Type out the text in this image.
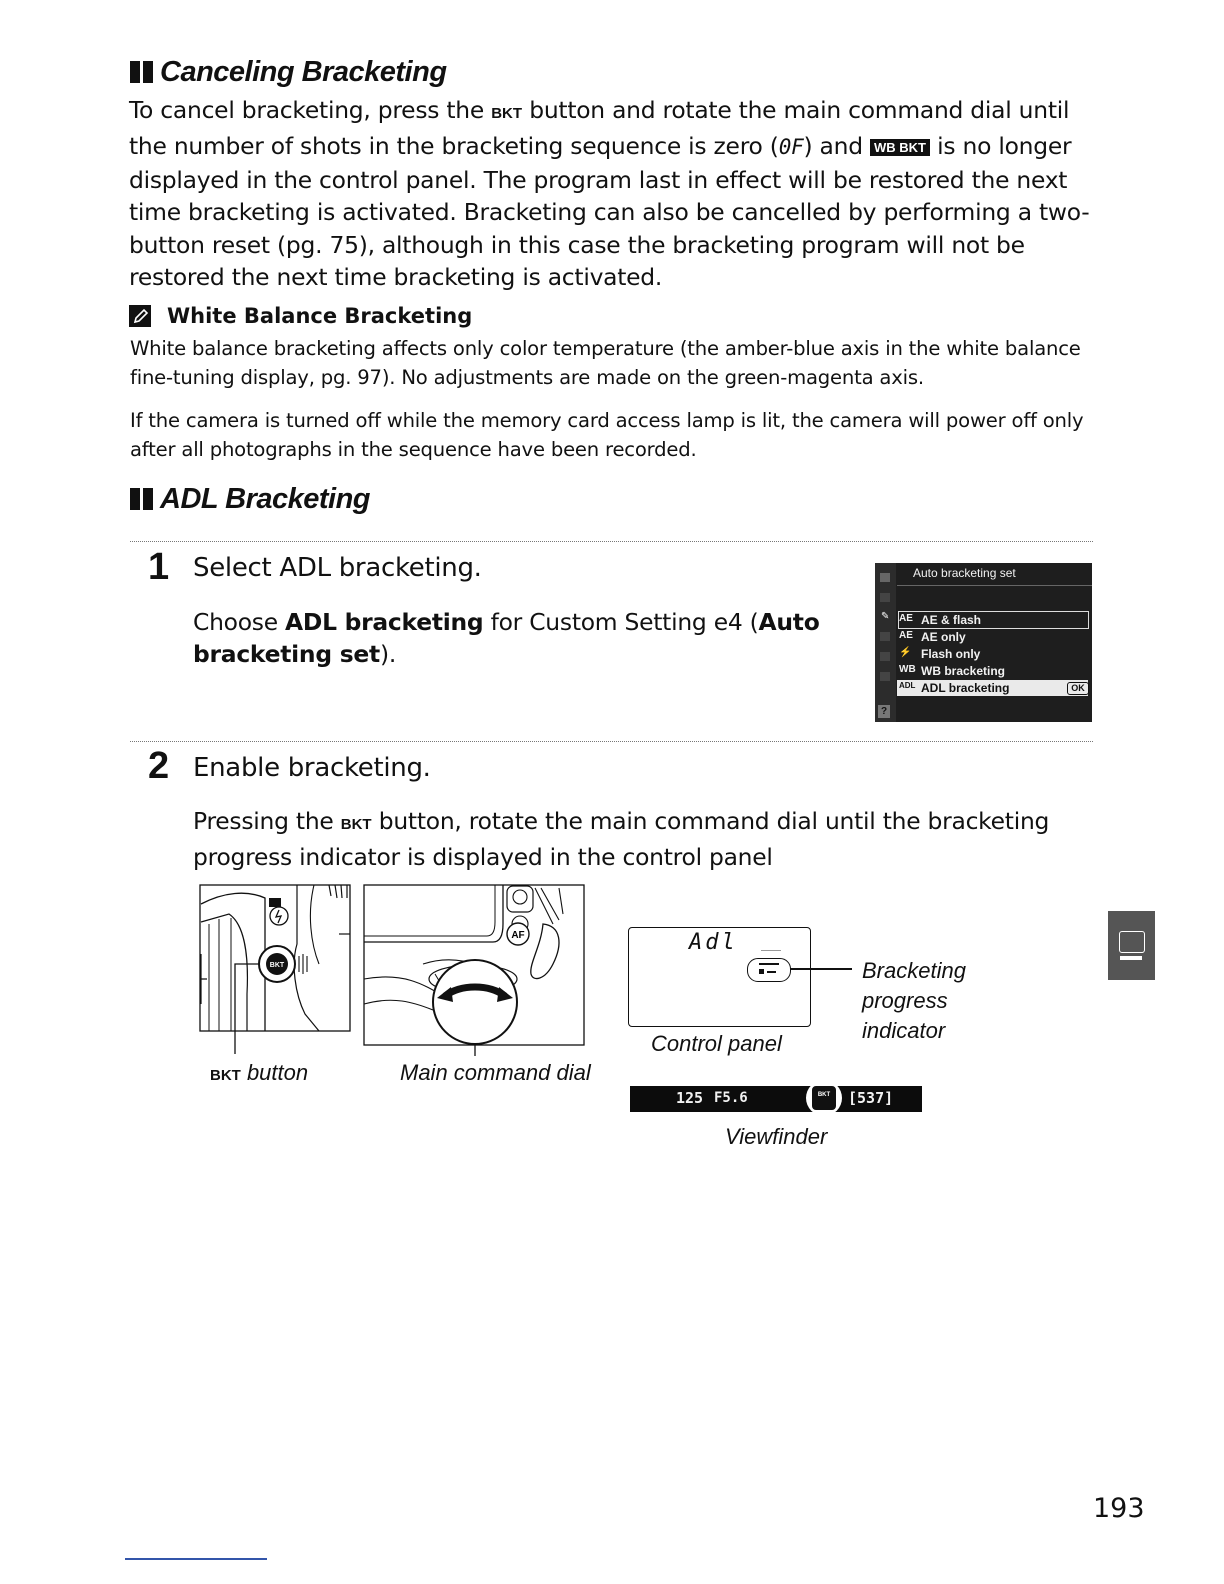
Canceling Bracketing
To cancel bracketing, press the BKT button and rotate the main command dial until the number of shots in the bracketing sequence is zero (0F) and WB BKT is no longer displayed in the control panel. The program last in effect will be restored the next time bracketing is activated. Bracketing can also be cancelled by performing a two-button reset (pg. 75), although in this case the bracketing program will not be restored the next time bracketing is activated.
White Balance Bracketing
White balance bracketing affects only color temperature (the amber-blue axis in the white balance fine-tuning display, pg. 97). No adjustments are made on the green-magenta axis.
If the camera is turned off while the memory card access lamp is lit, the camera will power off only after all photographs in the sequence have been recorded.
ADL Bracketing
1 Select ADL bracketing.
Choose ADL bracketing for Custom Setting e4 (Auto bracketing set).
✎
?
Auto bracketing set
AE AE & flash
AE AE only
⚡ Flash only
WB WB bracketing
ADL ADL bracketing	OK
2 Enable bracketing.
Pressing the BKT button, rotate the main command dial until the bracketing progress indicator is displayed in the control panel
BKT
AF
BKT button	Main command dial
Adl
Bracketing
progress
indicator
Control panel
125 F5.6	BKT	[537]
Viewfinder
193
